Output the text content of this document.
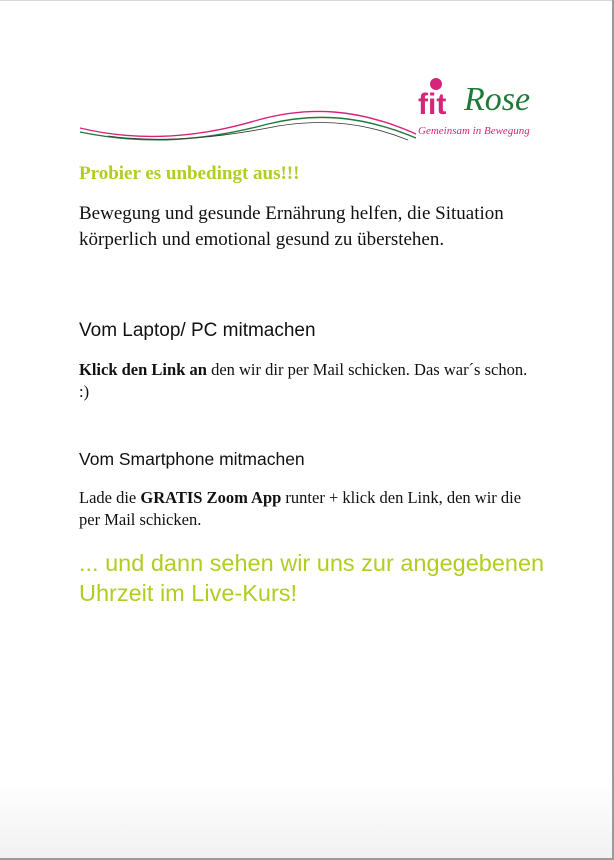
fit Rose
Gemeinsam in Bewegung
Probier es unbedingt aus!!!
Bewegung und gesunde Ernährung helfen, die Situation körperlich und emotional gesund zu überstehen.
Vom Laptop/ PC mitmachen
Klick den Link an den wir dir per Mail schicken. Das war´s schon. :)
Vom Smartphone mitmachen
Lade die GRATIS Zoom App runter + klick den Link, den wir die per Mail schicken.
... und dann sehen wir uns zur angegebenen Uhrzeit im Live-Kurs!
